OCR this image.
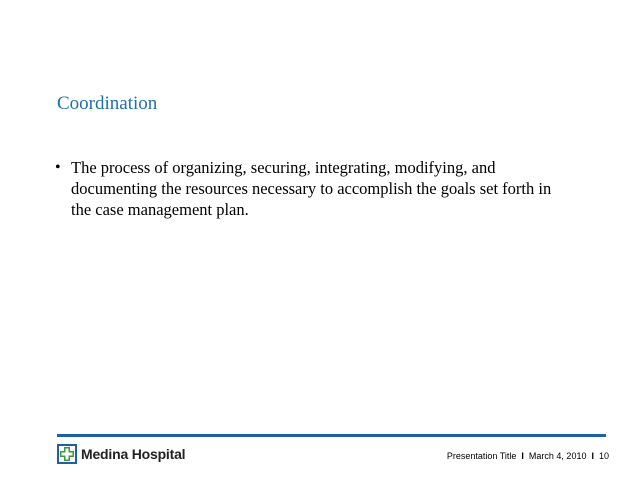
Coordination
• The process of organizing, securing, integrating, modifying, and documenting the resources necessary to accomplish the goals set forth in the case management plan.
Medina Hospital	Presentation Title I March 4, 2010 I 10
